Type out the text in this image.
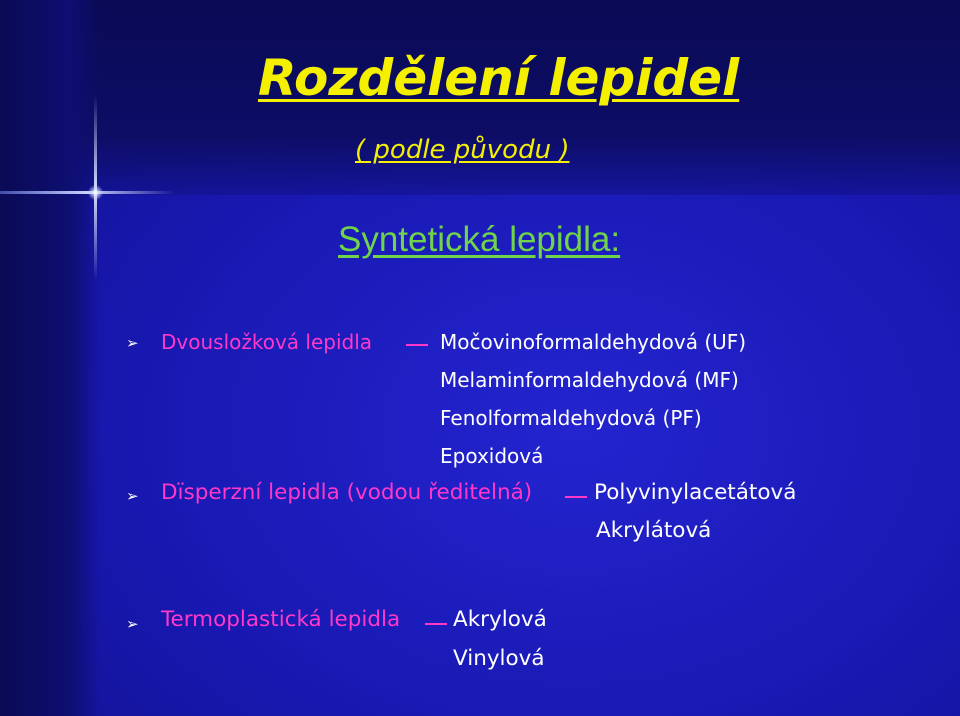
Rozdělení lepidel
( podle původu )
Syntetická lepidla:
➢ Dvousložková lepidla	Močovinoformaldehydová (UF)
Melaminformaldehydová (MF)
Fenolformaldehydová (PF)
Epoxidová
➢ Dïsperzní lepidla (vodou ředitelná)	Polyvinylacetátová
Akrylátová
➢ Termoplastická lepidla Akrylová
Vinylová
